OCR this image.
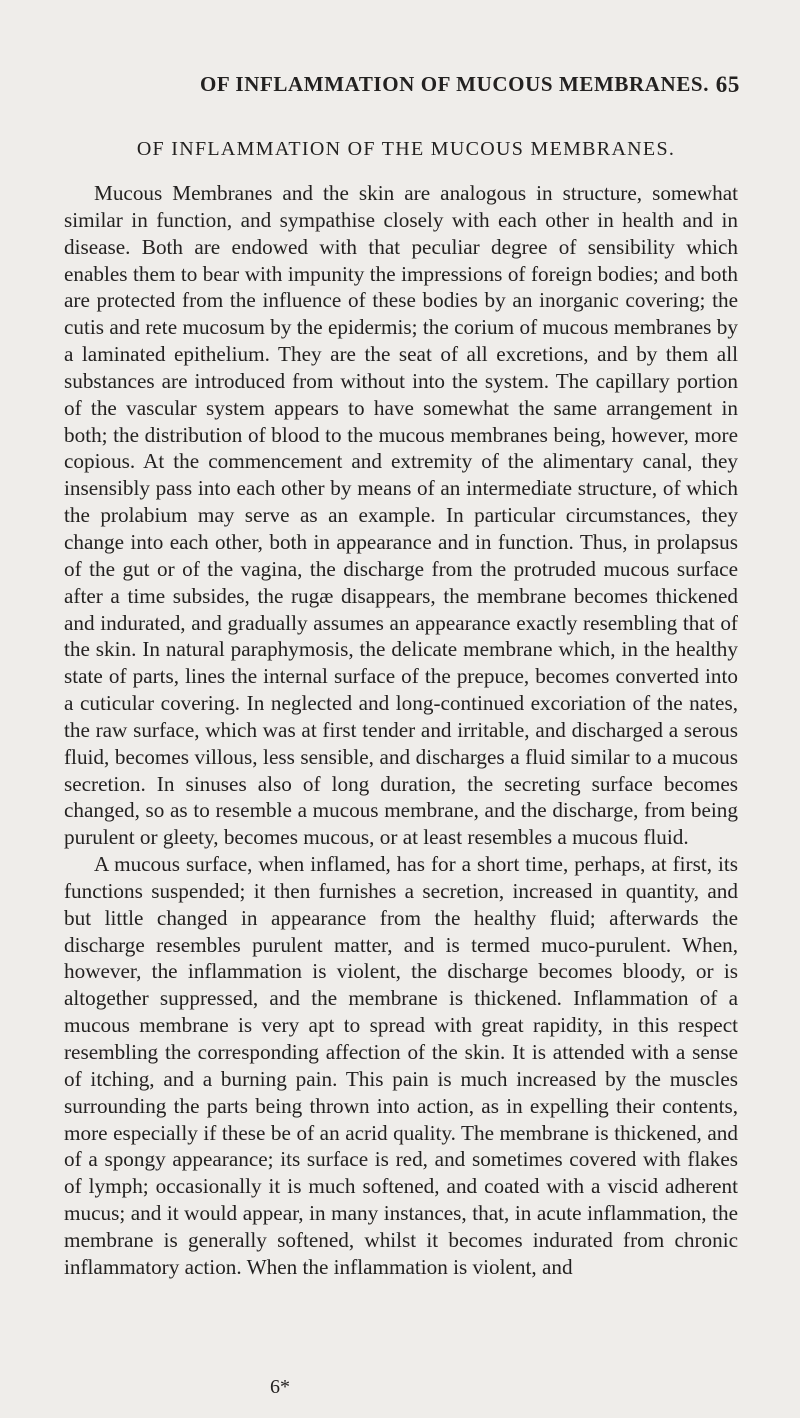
OF INFLAMMATION OF MUCOUS MEMBRANES. 65
OF INFLAMMATION OF THE MUCOUS MEMBRANES.

Mucous Membranes and the skin are analogous in structure, somewhat similar in function, and sympathise closely with each other in health and in disease. Both are endowed with that peculiar degree of sensibility which enables them to bear with impunity the impressions of foreign bodies; and both are protected from the influence of these bodies by an inorganic covering; the cutis and rete mucosum by the epidermis; the corium of mucous membranes by a laminated epithelium. They are the seat of all excretions, and by them all substances are introduced from without into the system. The capillary portion of the vascular system appears to have somewhat the same arrangement in both; the distribution of blood to the mucous membranes being, however, more copious. At the commencement and extremity of the alimentary canal, they insensibly pass into each other by means of an intermediate structure, of which the prolabium may serve as an example. In particular circumstances, they change into each other, both in appearance and in function. Thus, in prolapsus of the gut or of the vagina, the discharge from the protruded mucous surface after a time subsides, the rugæ disappears, the membrane becomes thickened and indurated, and gradually assumes an appearance exactly resembling that of the skin. In natural paraphymosis, the delicate membrane which, in the healthy state of parts, lines the internal surface of the prepuce, becomes converted into a cuticular covering. In neglected and long-continued excoriation of the nates, the raw surface, which was at first tender and irritable, and discharged a serous fluid, becomes villous, less sensible, and discharges a fluid similar to a mucous secretion. In sinuses also of long duration, the secreting surface becomes changed, so as to resemble a mucous membrane, and the discharge, from being purulent or gleety, becomes mucous, or at least resembles a mucous fluid.

A mucous surface, when inflamed, has for a short time, perhaps, at first, its functions suspended; it then furnishes a secretion, increased in quantity, and but little changed in appearance from the healthy fluid; afterwards the discharge resembles purulent matter, and is termed muco-purulent. When, however, the inflammation is violent, the discharge becomes bloody, or is altogether suppressed, and the membrane is thickened. Inflammation of a mucous membrane is very apt to spread with great rapidity, in this respect resembling the corresponding affection of the skin. It is attended with a sense of itching, and a burning pain. This pain is much increased by the muscles surrounding the parts being thrown into action, as in expelling their contents, more especially if these be of an acrid quality. The membrane is thickened, and of a spongy appearance; its surface is red, and sometimes covered with flakes of lymph; occasionally it is much softened, and coated with a viscid adherent mucus; and it would appear, in many instances, that, in acute inflammation, the membrane is generally softened, whilst it becomes indurated from chronic inflammatory action. When the inflammation is violent, and

6*
